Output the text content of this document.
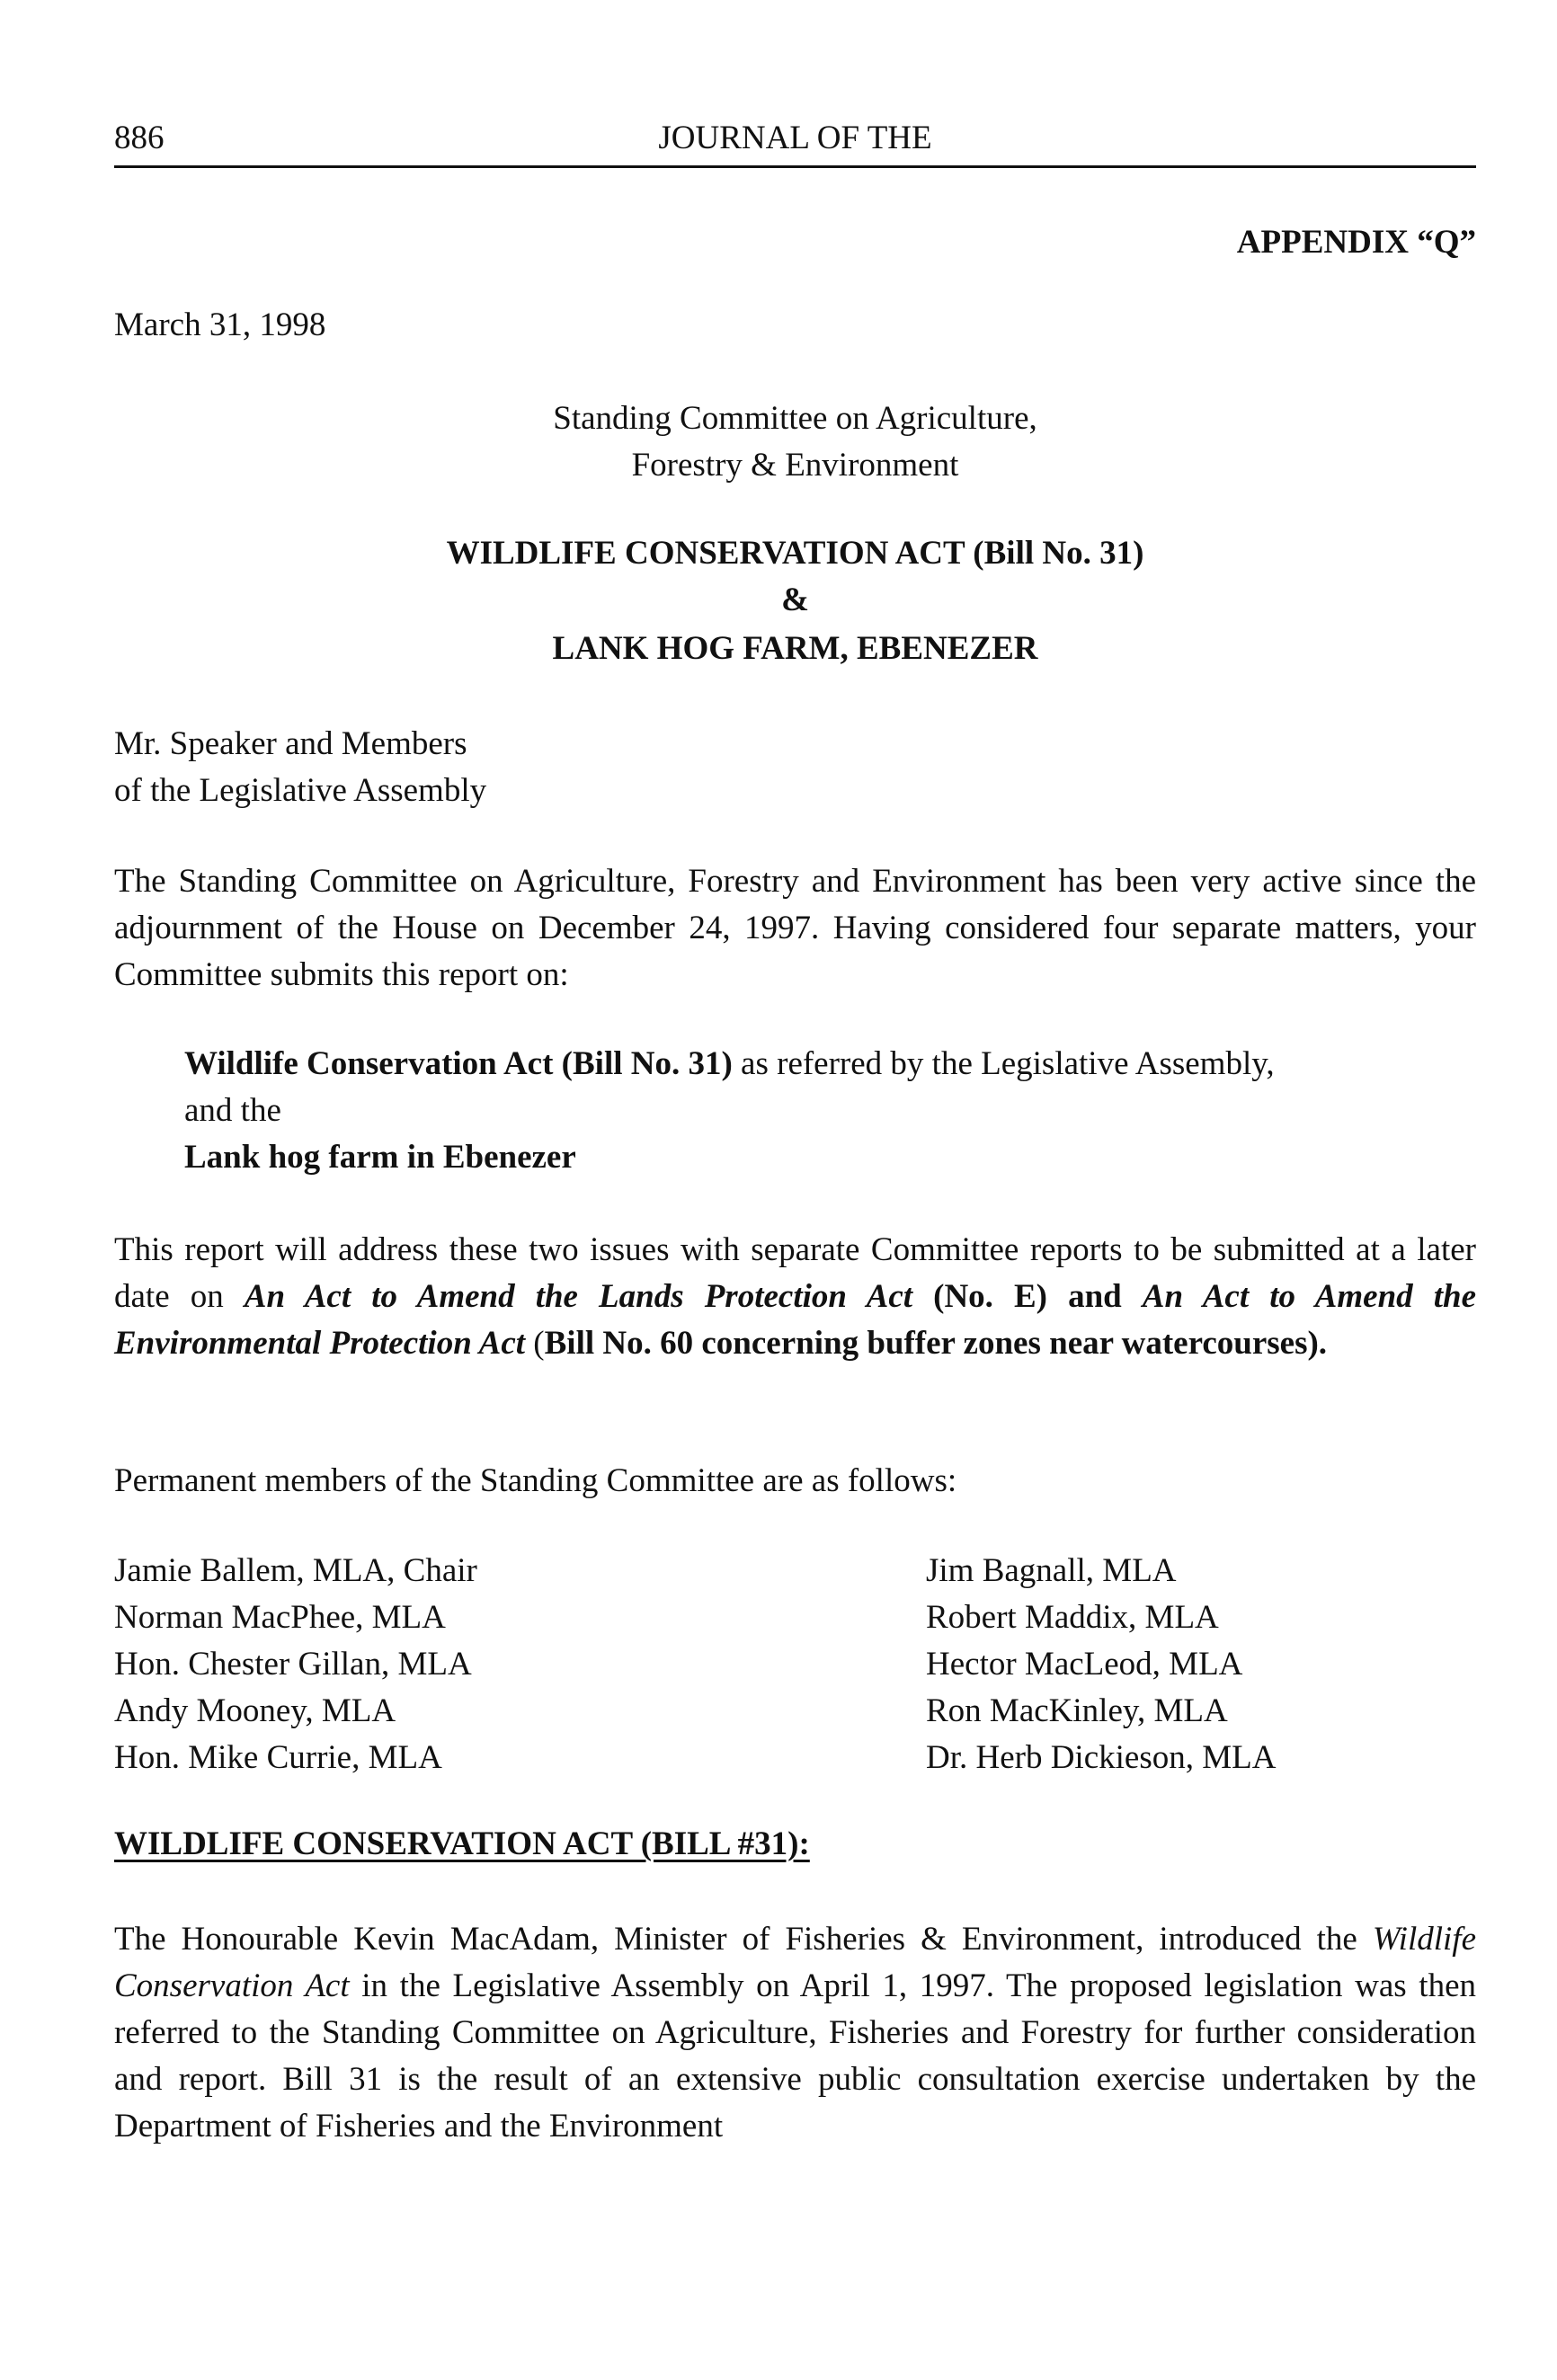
886	JOURNAL OF THE
APPENDIX “Q”
March 31, 1998
Standing Committee on Agriculture,
Forestry & Environment
WILDLIFE CONSERVATION ACT (Bill No. 31)
&
LANK HOG FARM, EBENEZER
Mr. Speaker and Members
of the Legislative Assembly
The Standing Committee on Agriculture, Forestry and Environment has been very active since the adjournment of the House on December 24, 1997. Having considered four separate matters, your Committee submits this report on:
Wildlife Conservation Act (Bill No. 31) as referred by the Legislative Assembly,
and the
Lank hog farm in Ebenezer
This report will address these two issues with separate Committee reports to be submitted at a later date on An Act to Amend the Lands Protection Act (No. E) and An Act to Amend the Environmental Protection Act (Bill No. 60 concerning buffer zones near watercourses).
Permanent members of the Standing Committee are as follows:
Jamie Ballem, MLA, Chair
Norman MacPhee, MLA
Hon. Chester Gillan, MLA
Andy Mooney, MLA
Hon. Mike Currie, MLA
Jim Bagnall, MLA
Robert Maddix, MLA
Hector MacLeod, MLA
Ron MacKinley, MLA
Dr. Herb Dickieson, MLA
WILDLIFE CONSERVATION ACT (BILL #31):
The Honourable Kevin MacAdam, Minister of Fisheries & Environment, introduced the Wildlife Conservation Act in the Legislative Assembly on April 1, 1997. The proposed legislation was then referred to the Standing Committee on Agriculture, Fisheries and Forestry for further consideration and report. Bill 31 is the result of an extensive public consultation exercise undertaken by the Department of Fisheries and the Environment
